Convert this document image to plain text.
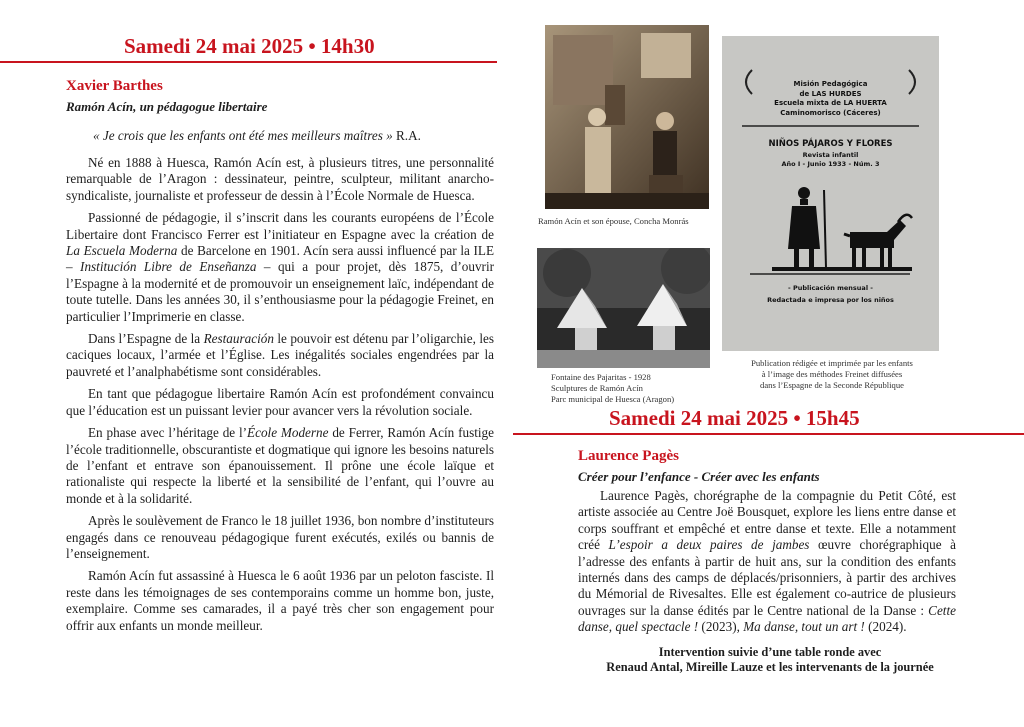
Samedi 24 mai 2025 • 14h30
Xavier Barthes
Ramón Acín, un pédagogue libertaire
« Je crois que les enfants ont été mes meilleurs maîtres » R.A.

Né en 1888 à Huesca, Ramón Acín est, à plusieurs titres, une personnalité remarquable de l’Aragon : dessinateur, peintre, sculpteur, militant anarcho-syndicaliste, journaliste et professeur de dessin à l’École Normale de Huesca.

Passionné de pédagogie, il s’inscrit dans les courants européens de l’École Libertaire dont Francisco Ferrer est l’initiateur en Espagne avec la création de La Escuela Moderna de Barcelone en 1901. Acín sera aussi influencé par la ILE – Institución Libre de Enseñanza – qui a pour projet, dès 1875, d’ouvrir l’Espagne à la modernité et de promouvoir un enseignement laïc, indépendant de toute tutelle. Dans les années 30, il s’enthousiasme pour la pédagogie Freinet, en particulier l’Imprimerie en classe.

Dans l’Espagne de la Restauración le pouvoir est détenu par l’oligarchie, les caciques locaux, l’armée et l’Église. Les inégalités sociales engendrées par la pauvreté et l’analphabétisme sont considérables.

En tant que pédagogue libertaire Ramón Acín est profondément convaincu que l’éducation est un puissant levier pour avancer vers la révolution sociale.

En phase avec l’héritage de l’École Moderne de Ferrer, Ramón Acín fustige l’école traditionnelle, obscurantiste et dogmatique qui ignore les besoins naturels de l’enfant et entrave son épanouissement. Il prône une école laïque et rationaliste qui respecte la liberté et la sensibilité de l’enfant, qui l’ouvre au monde et à la solidarité.

Après le soulèvement de Franco le 18 juillet 1936, bon nombre d’instituteurs engagés dans ce renouveau pédagogique furent exécutés, exilés ou bannis de l’enseignement.

Ramón Acín fut assassiné à Huesca le 6 août 1936 par un peloton fasciste. Il reste dans les témoignages de ses contemporains comme un homme bon, juste, exemplaire. Comme ses camarades, il a payé très cher son engagement pour offrir aux enfants un monde meilleur.

Ramón Acín et son épouse, Concha Monrás
Fontaine des Pajaritas - 1928
Sculptures de Ramón Acín
Parc municipal de Huesca (Aragon)
Misión Pedagógica
de LAS HURDES
Escuela mixta de LA HUERTA
Caminomorisco (Cáceres)
NIÑOS PÁJAROS Y FLORES
Revista infantil
Año I - Junio 1933 - Núm. 3
- Publicación mensual -
Redactada e impresa por los niños
Publication rédigée et imprimée par les enfants
à l’image des méthodes Freinet diffusées
dans l’Espagne de la Seconde République
Samedi 24 mai 2025 • 15h45
Laurence Pagès
Créer pour l’enfance - Créer avec les enfants

Laurence Pagès, chorégraphe de la compagnie du Petit Côté, est artiste associée au Centre Joë Bousquet, explore les liens entre danse et corps souffrant et empêché et entre danse et texte. Elle a notamment créé L’espoir a deux paires de jambes œuvre chorégraphique à l’adresse des enfants à partir de huit ans, sur la condition des enfants internés dans des camps de déplacés/prisonniers, à partir des archives du Mémorial de Rivesaltes. Elle est également co-autrice de plusieurs ouvrages sur la danse édités par le Centre national de la Danse : Cette danse, quel spectacle ! (2023), Ma danse, tout un art ! (2024).

Intervention suivie d’une table ronde avec
Renaud Antal, Mireille Lauze et les intervenants de la journée
